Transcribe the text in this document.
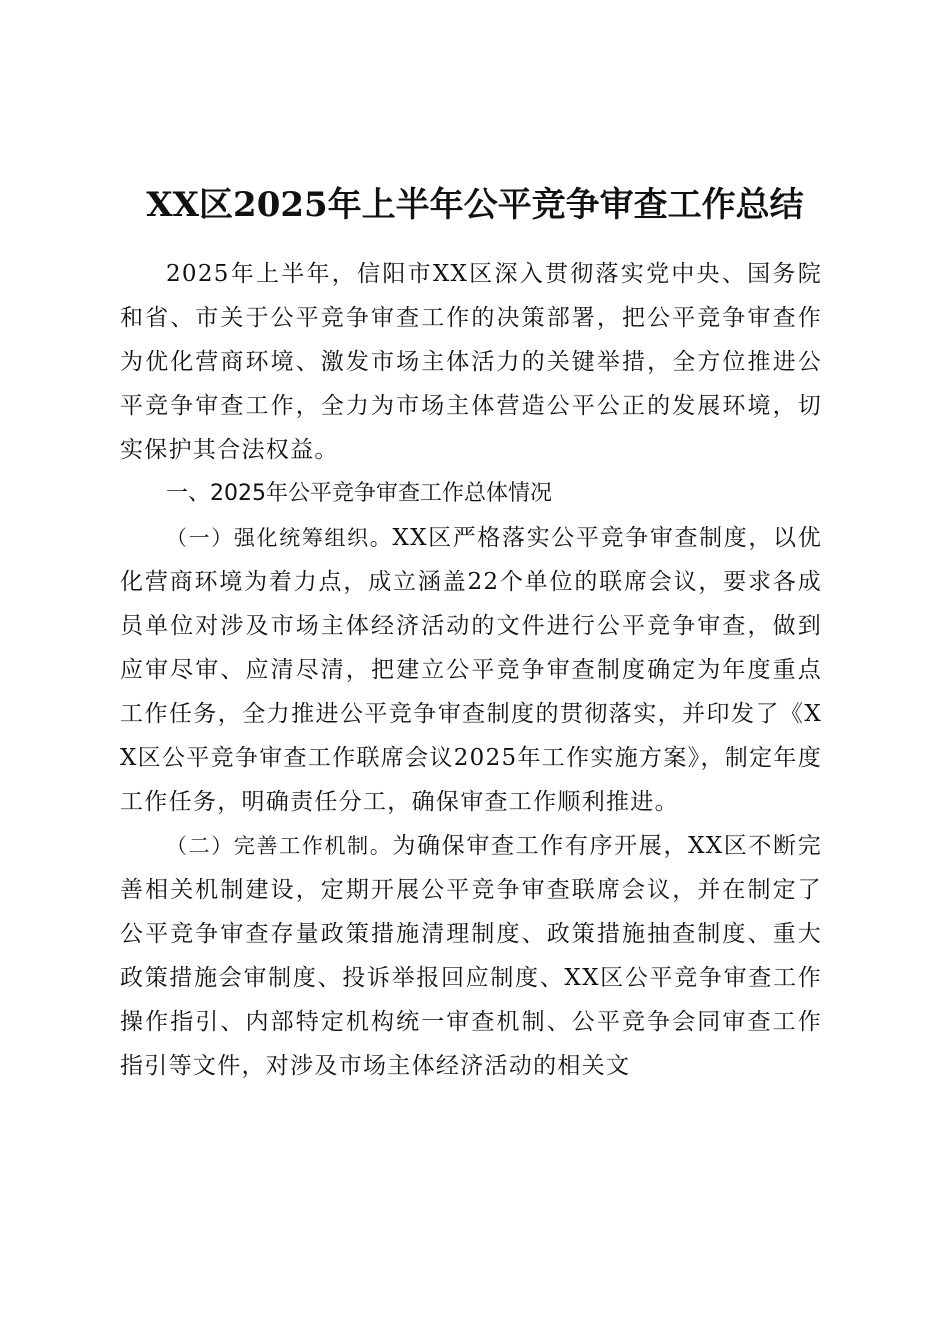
XX区2025年上半年公平竞争审查工作总结

2025年上半年，信阳市XX区深入贯彻落实党中央、国务院和省、市关于公平竞争审查工作的决策部署，把公平竞争审查作为优化营商环境、激发市场主体活力的关键举措，全方位推进公平竞争审查工作，全力为市场主体营造公平公正的发展环境，切实保护其合法权益。

一、2025年公平竞争审查工作总体情况

（一）强化统筹组织。XX区严格落实公平竞争审查制度，以优化营商环境为着力点，成立涵盖22个单位的联席会议，要求各成员单位对涉及市场主体经济活动的文件进行公平竞争审查，做到应审尽审、应清尽清，把建立公平竞争审查制度确定为年度重点工作任务，全力推进公平竞争审查制度的贯彻落实，并印发了《XX区公平竞争审查工作联席会议2025年工作实施方案》，制定年度工作任务，明确责任分工，确保审查工作顺利推进。

（二）完善工作机制。为确保审查工作有序开展，XX区不断完善相关机制建设，定期开展公平竞争审查联席会议，并在制定了公平竞争审查存量政策措施清理制度、政策措施抽查制度、重大政策措施会审制度、投诉举报回应制度、XX区公平竞争审查工作操作指引、内部特定机构统一审查机制、公平竞争会同审查工作指引等文件，对涉及市场主体经济活动的相关文
